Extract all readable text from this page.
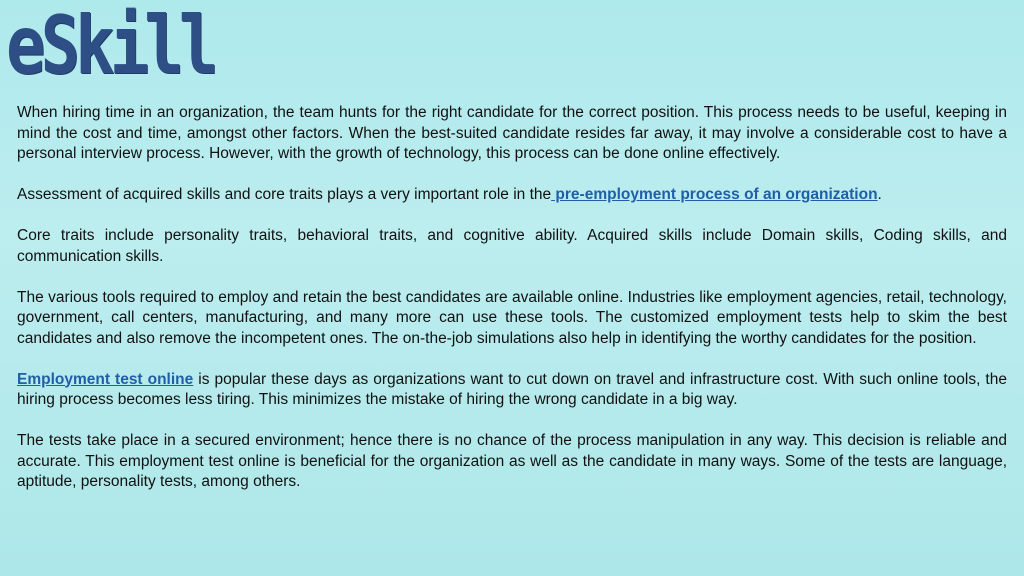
eSkill

When hiring time in an organization, the team hunts for the right candidate for the correct position. This process needs to be useful, keeping in mind the cost and time, amongst other factors. When the best-suited candidate resides far away, it may involve a considerable cost to have a personal interview process. However, with the growth of technology, this process can be done online effectively.

Assessment of acquired skills and core traits plays a very important role in the pre-employment process of an organization.

Core traits include personality traits, behavioral traits, and cognitive ability. Acquired skills include Domain skills, Coding skills, and communication skills.

The various tools required to employ and retain the best candidates are available online. Industries like employment agencies, retail, technology, government, call centers, manufacturing, and many more can use these tools. The customized employment tests help to skim the best candidates and also remove the incompetent ones. The on-the-job simulations also help in identifying the worthy candidates for the position.

Employment test online is popular these days as organizations want to cut down on travel and infrastructure cost. With such online tools, the hiring process becomes less tiring. This minimizes the mistake of hiring the wrong candidate in a big way.

The tests take place in a secured environment; hence there is no chance of the process manipulation in any way. This decision is reliable and accurate. This employment test online is beneficial for the organization as well as the candidate in many ways. Some of the tests are language, aptitude, personality tests, among others.
